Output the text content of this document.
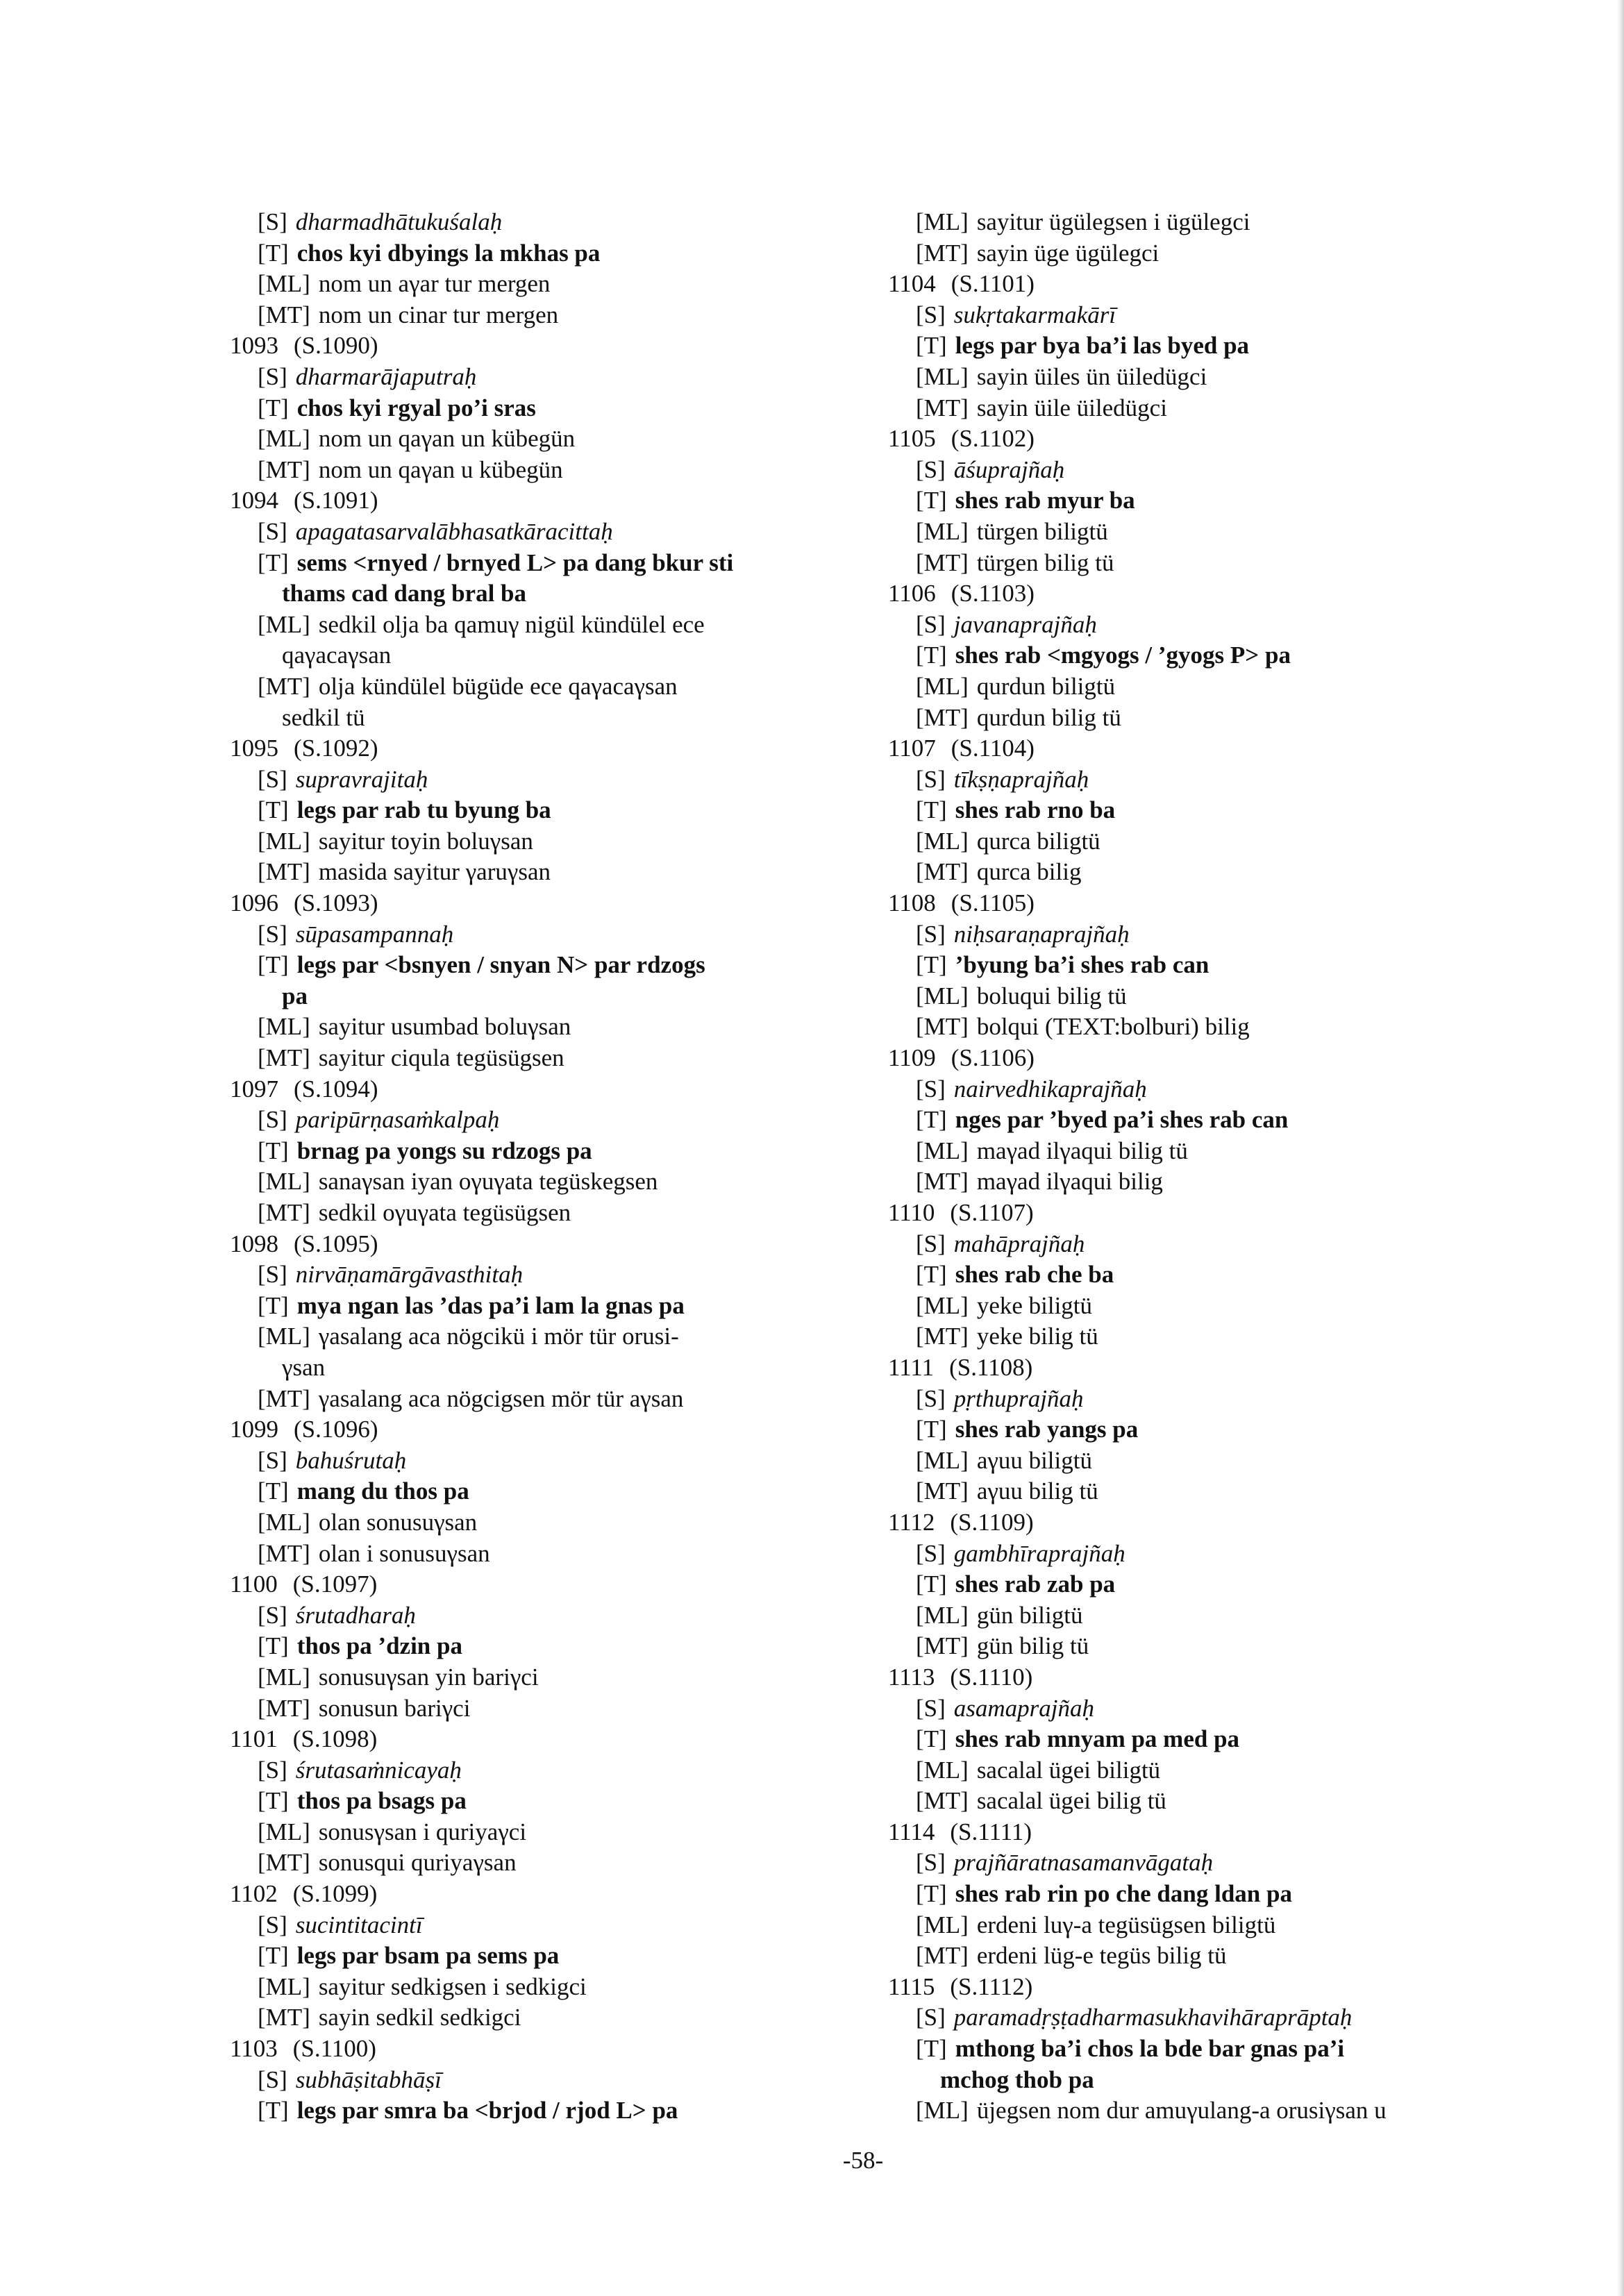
[S] dharmadhātukuśalaḥ
[T] chos kyi dbyings la mkhas pa
[ML] nom un aγar tur mergen
[MT] nom un cinar tur mergen
1093 (S.1090)
[S] dharmarājaputraḥ
[T] chos kyi rgyal po’i sras
[ML] nom un qaγan un kübegün
[MT] nom un qaγan u kübegün
1094 (S.1091)
[S] apagatasarvalābhasatkāracittaḥ
[T] sems <rnyed / brnyed L> pa dang bkur sti
thams cad dang bral ba
[ML] sedkil olja ba qamuγ nigül kündülel ece
qaγacaγsan
[MT] olja kündülel bügüde ece qaγacaγsan
sedkil tü
1095 (S.1092)
[S] supravrajitaḥ
[T] legs par rab tu byung ba
[ML] sayitur toyin boluγsan
[MT] masida sayitur γaruγsan
1096 (S.1093)
[S] sūpasampannaḥ
[T] legs par <bsnyen / snyan N> par rdzogs
pa
[ML] sayitur usumbad boluγsan
[MT] sayitur ciqula tegüsügsen
1097 (S.1094)
[S] paripūrṇasaṁkalpaḥ
[T] brnag pa yongs su rdzogs pa
[ML] sanaγsan iyan oγuγata tegüskegsen
[MT] sedkil oγuγata tegüsügsen
1098 (S.1095)
[S] nirvāṇamārgāvasthitaḥ
[T] mya ngan las ’das pa’i lam la gnas pa
[ML] γasalang aca nögcikü i mör tür orusi-
γsan
[MT] γasalang aca nögcigsen mör tür aγsan
1099 (S.1096)
[S] bahuśrutaḥ
[T] mang du thos pa
[ML] olan sonusuγsan
[MT] olan i sonusuγsan
1100 (S.1097)
[S] śrutadharaḥ
[T] thos pa ’dzin pa
[ML] sonusuγsan yin bariγci
[MT] sonusun bariγci
1101 (S.1098)
[S] śrutasaṁnicayaḥ
[T] thos pa bsags pa
[ML] sonusγsan i quriyaγci
[MT] sonusqui quriyaγsan
1102 (S.1099)
[S] sucintitacintī
[T] legs par bsam pa sems pa
[ML] sayitur sedkigsen i sedkigci
[MT] sayin sedkil sedkigci
1103 (S.1100)
[S] subhāṣitabhāṣī
[T] legs par smra ba <brjod / rjod L> pa
[ML] sayitur ügülegsen i ügülegci
[MT] sayin üge ügülegci
1104 (S.1101)
[S] sukṛtakarmakārī
[T] legs par bya ba’i las byed pa
[ML] sayin üiles ün üiledügci
[MT] sayin üile üiledügci
1105 (S.1102)
[S] āśuprajñaḥ
[T] shes rab myur ba
[ML] türgen biligtü
[MT] türgen bilig tü
1106 (S.1103)
[S] javanaprajñaḥ
[T] shes rab <mgyogs / ’gyogs P> pa
[ML] qurdun biligtü
[MT] qurdun bilig tü
1107 (S.1104)
[S] tīkṣṇaprajñaḥ
[T] shes rab rno ba
[ML] qurca biligtü
[MT] qurca bilig
1108 (S.1105)
[S] niḥsaraṇaprajñaḥ
[T] ’byung ba’i shes rab can
[ML] boluqui bilig tü
[MT] bolqui (TEXT:bolburi) bilig
1109 (S.1106)
[S] nairvedhikaprajñaḥ
[T] nges par ’byed pa’i shes rab can
[ML] maγad ilγaqui bilig tü
[MT] maγad ilγaqui bilig
1110 (S.1107)
[S] mahāprajñaḥ
[T] shes rab che ba
[ML] yeke biligtü
[MT] yeke bilig tü
1111 (S.1108)
[S] pṛthuprajñaḥ
[T] shes rab yangs pa
[ML] aγuu biligtü
[MT] aγuu bilig tü
1112 (S.1109)
[S] gambhīraprajñaḥ
[T] shes rab zab pa
[ML] gün biligtü
[MT] gün bilig tü
1113 (S.1110)
[S] asamaprajñaḥ
[T] shes rab mnyam pa med pa
[ML] sacalal ügei biligtü
[MT] sacalal ügei bilig tü
1114 (S.1111)
[S] prajñāratnasamanvāgataḥ
[T] shes rab rin po che dang ldan pa
[ML] erdeni luγ-a tegüsügsen biligtü
[MT] erdeni lüg-e tegüs bilig tü
1115 (S.1112)
[S] paramadṛṣṭadharmasukhavihāraprāptaḥ
[T] mthong ba’i chos la bde bar gnas pa’i
mchog thob pa
[ML] üjegsen nom dur amuγulang-a orusiγsan u
-58-
